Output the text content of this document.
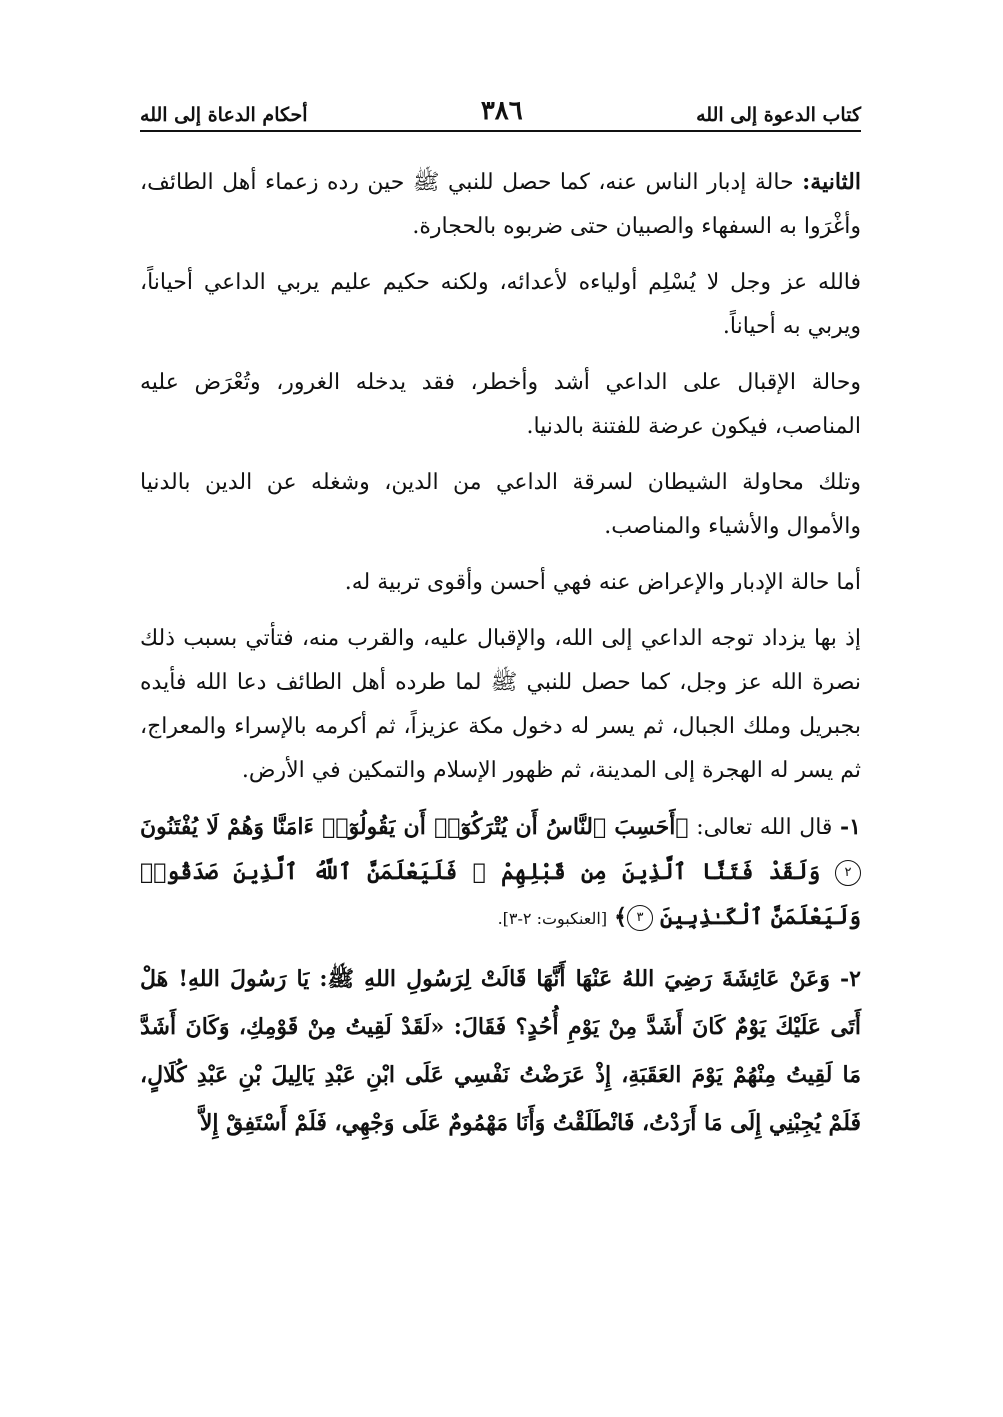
كتاب الدعوة إلى الله
٣٨٦
أحكام الدعاة إلى الله

الثانية: حالة إدبار الناس عنه، كما حصل للنبي ﷺ حين رده زعماء أهل الطائف، وأغْرَوا به السفهاء والصبيان حتى ضربوه بالحجارة.

فالله عز وجل لا يُسْلِم أولياءه لأعدائه، ولكنه حكيم عليم يربي الداعي أحياناً، ويربي به أحياناً.

وحالة الإقبال على الداعي أشد وأخطر، فقد يدخله الغرور، وتُعْرَض عليه المناصب، فيكون عرضة للفتنة بالدنيا.

وتلك محاولة الشيطان لسرقة الداعي من الدين، وشغله عن الدين بالدنيا والأموال والأشياء والمناصب.

أما حالة الإدبار والإعراض عنه فهي أحسن وأقوى تربية له.

إذ بها يزداد توجه الداعي إلى الله، والإقبال عليه، والقرب منه، فتأتي بسبب ذلك نصرة الله عز وجل، كما حصل للنبي ﷺ لما طرده أهل الطائف دعا الله فأيده بجبريل وملك الجبال، ثم يسر له دخول مكة عزيزاً، ثم أكرمه بالإسراء والمعراج، ثم يسر له الهجرة إلى المدينة، ثم ظهور الإسلام والتمكين في الأرض.

١- قال الله تعالى: ﴿أَحَسِبَ ٱلنَّاسُ أَن يُتْرَكُوٓا۟ أَن يَقُولُوٓا۟ ءَامَنَّا وَهُمْ لَا يُفْتَنُونَ ٢ وَلَقَدْ فَتَنَّا ٱلَّذِينَ مِن قَبْلِهِمْ ۖ فَلَيَعْلَمَنَّ ٱللَّهُ ٱلَّذِينَ صَدَقُوا۟ وَلَيَعْلَمَنَّ ٱلْكَـٰذِبِينَ ٣﴾ [العنكبوت: ٢-٣].

٢- وَعَنْ عَائِشَةَ رَضِيَ اللهُ عَنْهَا أَنَّهَا قَالَتْ لِرَسُولِ اللهِ ﷺ: يَا رَسُولَ اللهِ! هَلْ أَتَى عَلَيْكَ يَوْمٌ كَانَ أَشَدَّ مِنْ يَوْمِ أُحُدٍ؟ فَقَالَ: «لَقَدْ لَقِيتُ مِنْ قَوْمِكِ، وَكَانَ أَشَدَّ مَا لَقِيتُ مِنْهُمْ يَوْمَ العَقَبَةِ، إِذْ عَرَضْتُ نَفْسِي عَلَى ابْنِ عَبْدِ يَالِيلَ بْنِ عَبْدِ كُلَالٍ، فَلَمْ يُجِبْنِي إِلَى مَا أَرَدْتُ، فَانْطَلَقْتُ وَأَنَا مَهْمُومٌ عَلَى وَجْهِي، فَلَمْ أَسْتَفِقْ إِلاَّ
